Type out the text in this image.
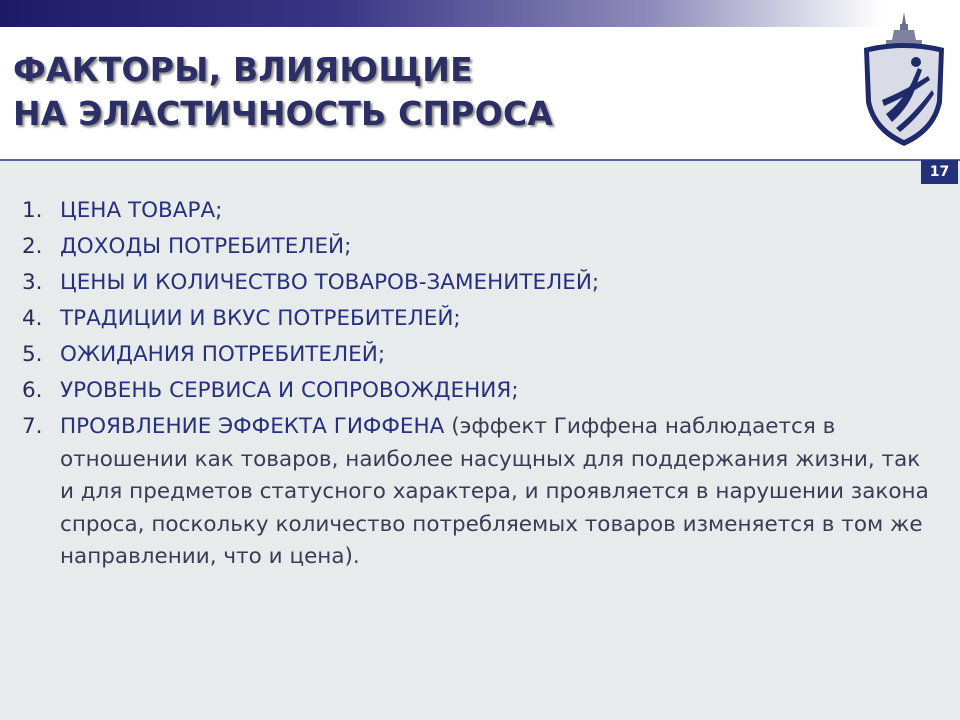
ФАКТОРЫ, ВЛИЯЮЩИЕ
НА ЭЛАСТИЧНОСТЬ СПРОСА
17
1. ЦЕНА ТОВАРА;
2. ДОХОДЫ ПОТРЕБИТЕЛЕЙ;
3. ЦЕНЫ И КОЛИЧЕСТВО ТОВАРОВ-ЗАМЕНИТЕЛЕЙ;
4. ТРАДИЦИИ И ВКУС ПОТРЕБИТЕЛЕЙ;
5. ОЖИДАНИЯ ПОТРЕБИТЕЛЕЙ;
6. УРОВЕНЬ СЕРВИСА И СОПРОВОЖДЕНИЯ;
7. ПРОЯВЛЕНИЕ ЭФФЕКТА ГИФФЕНА (эффект Гиффена наблюдается в отношении как товаров, наиболее насущных для поддержания жизни, так и для предметов статусного характера, и проявляется в нарушении закона спроса, поскольку количество потребляемых товаров изменяется в том же направлении, что и цена).
